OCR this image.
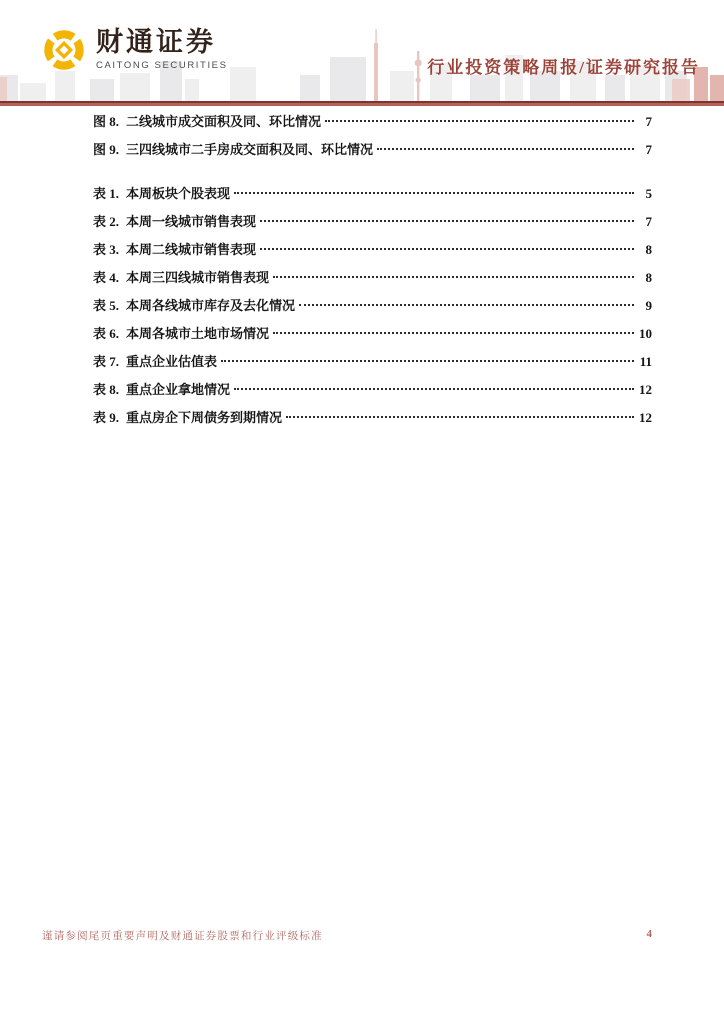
财通证券
CAITONG SECURITIES	行业投资策略周报/证券研究报告
图 8. 二线城市成交面积及同、环比情况	7
图 9. 三四线城市二手房成交面积及同、环比情况	7
表 1. 本周板块个股表现	5
表 2. 本周一线城市销售表现	7
表 3. 本周二线城市销售表现	8
表 4. 本周三四线城市销售表现	8
表 5. 本周各线城市库存及去化情况	9
表 6. 本周各城市土地市场情况	10
表 7. 重点企业估值表	11
表 8. 重点企业拿地情况	12
表 9. 重点房企下周债务到期情况	12
谨请参阅尾页重要声明及财通证券股票和行业评级标准	4
